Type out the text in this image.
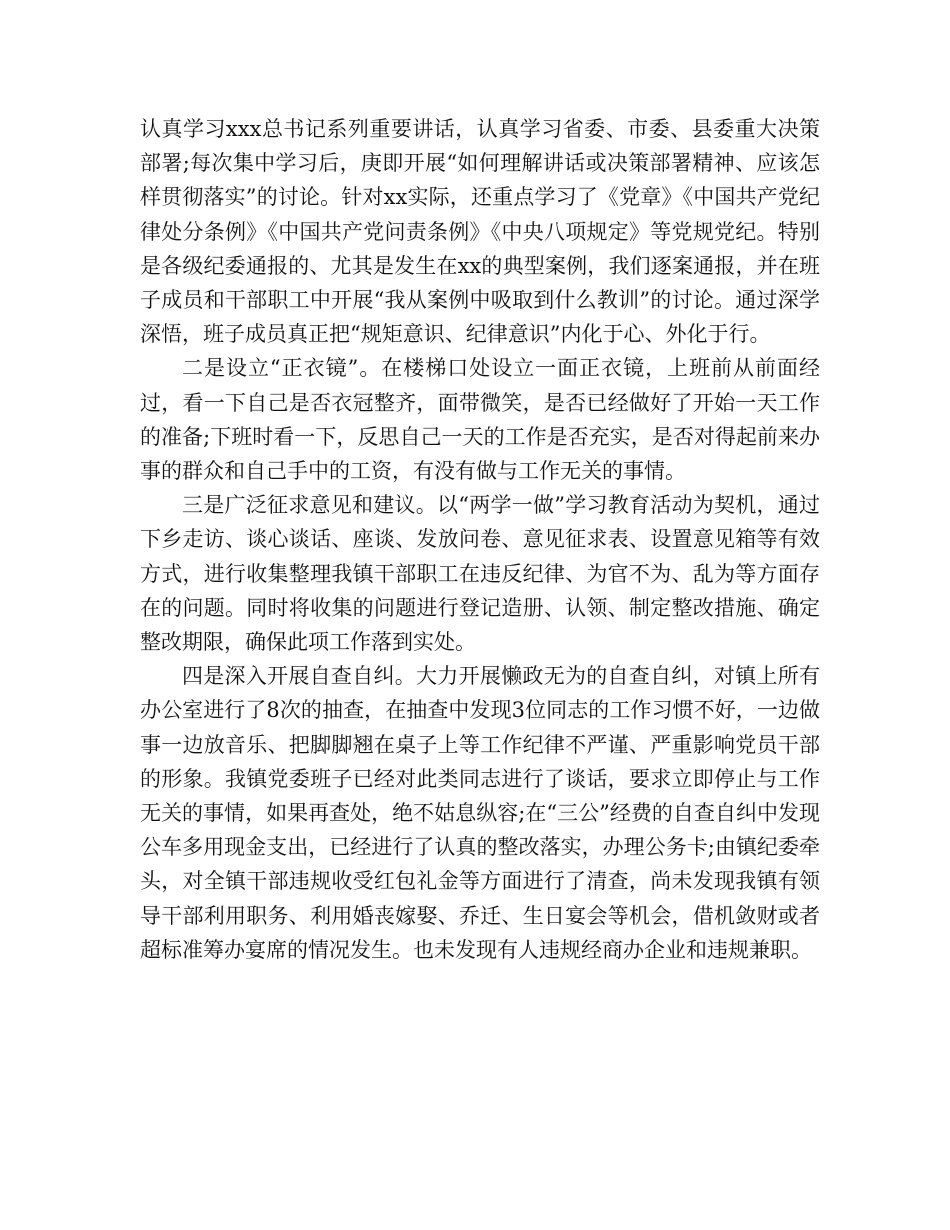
认真学习xxx总书记系列重要讲话，认真学习省委、市委、县委重大决策部署;每次集中学习后，庚即开展“如何理解讲话或决策部署精神、应该怎样贯彻落实”的讨论。针对xx实际，还重点学习了《党章》《中国共产党纪律处分条例》《中国共产党问责条例》《中央八项规定》等党规党纪。特别是各级纪委通报的、尤其是发生在xx的典型案例，我们逐案通报，并在班子成员和干部职工中开展“我从案例中吸取到什么教训”的讨论。通过深学深悟，班子成员真正把“规矩意识、纪律意识”内化于心、外化于行。

二是设立“正衣镜”。在楼梯口处设立一面正衣镜，上班前从前面经过，看一下自己是否衣冠整齐，面带微笑，是否已经做好了开始一天工作的准备;下班时看一下，反思自己一天的工作是否充实，是否对得起前来办事的群众和自己手中的工资，有没有做与工作无关的事情。

三是广泛征求意见和建议。以“两学一做”学习教育活动为契机，通过下乡走访、谈心谈话、座谈、发放问卷、意见征求表、设置意见箱等有效方式，进行收集整理我镇干部职工在违反纪律、为官不为、乱为等方面存在的问题。同时将收集的问题进行登记造册、认领、制定整改措施、确定整改期限，确保此项工作落到实处。

四是深入开展自查自纠。大力开展懒政无为的自查自纠，对镇上所有办公室进行了8次的抽查，在抽查中发现3位同志的工作习惯不好，一边做事一边放音乐、把脚脚翘在桌子上等工作纪律不严谨、严重影响党员干部的形象。我镇党委班子已经对此类同志进行了谈话，要求立即停止与工作无关的事情，如果再查处，绝不姑息纵容;在“三公”经费的自查自纠中发现公车多用现金支出，已经进行了认真的整改落实，办理公务卡;由镇纪委牵头，对全镇干部违规收受红包礼金等方面进行了清查，尚未发现我镇有领导干部利用职务、利用婚丧嫁娶、乔迁、生日宴会等机会，借机敛财或者超标准筹办宴席的情况发生。也未发现有人违规经商办企业和违规兼职。
